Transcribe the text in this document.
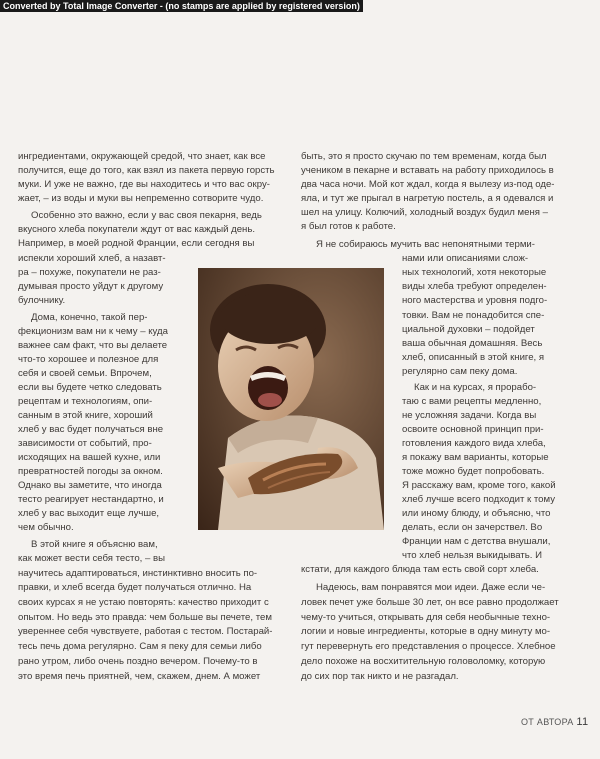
Converted by Total Image Converter - (no stamps are applied by registered version)
ингредиентами, окружающей средой, что знает, как все
получится, еще до того, как взял из пакета первую горсть
муки. И уже не важно, где вы находитесь и что вас окру-
жает, – из воды и муки вы непременно сотворите чудо.
Особенно это важно, если у вас своя пекарня, ведь
вкусного хлеба покупатели ждут от вас каждый день.
Например, в моей родной Франции, если сегодня вы
испекли хороший хлеб, а назавт-
ра – похуже, покупатели не раз-
думывая просто уйдут к другому
булочнику.
Дома, конечно, такой пер-
фекционизм вам ни к чему – куда
важнее сам факт, что вы делаете
что-то хорошее и полезное для
себя и своей семьи. Впрочем,
если вы будете четко следовать
рецептам и технологиям, опи-
санным в этой книге, хороший
хлеб у вас будет получаться вне
зависимости от событий, про-
исходящих на вашей кухне, или
превратностей погоды за окном.
Однако вы заметите, что иногда
тесто реагирует нестандартно, и
хлеб у вас выходит еще лучше,
чем обычно.
В этой книге я объясню вам,
как может вести себя тесто, – вы
научитесь адаптироваться, инстинктивно вносить по-
правки, и хлеб всегда будет получаться отлично. На
своих курсах я не устаю повторять: качество приходит с
опытом. Но ведь это правда: чем больше вы печете, тем
увереннее себя чувствуете, работая с тестом. Постарай-
тесь печь дома регулярно. Сам я пеку для семьи либо
рано утром, либо очень поздно вечером. Почему-то в
это время печь приятней, чем, скажем, днем. А может
быть, это я просто скучаю по тем временам, когда был
учеником в пекарне и вставать на работу приходилось в
два часа ночи. Мой кот ждал, когда я вылезу из-под оде-
яла, и тут же прыгал в нагретую постель, а я одевался и
шел на улицу. Колючий, холодный воздух будил меня –
я был готов к работе.
Я не собираюсь мучить вас непонятными терми-
нами или описаниями слож-
ных технологий, хотя некоторые
виды хлеба требуют определен-
ного мастерства и уровня подго-
товки. Вам не понадобится спе-
циальной духовки – подойдет
ваша обычная домашняя. Весь
хлеб, описанный в этой книге, я
регулярно сам пеку дома.
Как и на курсах, я прорабо-
таю с вами рецепты медленно,
не усложняя задачи. Когда вы
освоите основной принцип при-
готовления каждого вида хлеба,
я покажу вам варианты, которые
тоже можно будет попробовать.
Я расскажу вам, кроме того, какой
хлеб лучше всего подходит к тому
или иному блюду, и объясню, что
делать, если он зачерствел. Во
Франции нам с детства внушали,
что хлеб нельзя выкидывать. И
кстати, для каждого блюда там есть свой сорт хлеба.
Надеюсь, вам понравятся мои идеи. Даже если че-
ловек печет уже больше 30 лет, он все равно продолжает
чему-то учиться, открывать для себя необычные техно-
логии и новые ингредиенты, которые в одну минуту мо-
гут перевернуть его представления о процессе. Хлебное
дело похоже на восхитительную головоломку, которую
до сих пор так никто и не разгадал.
ОТ АВТОРА 11
